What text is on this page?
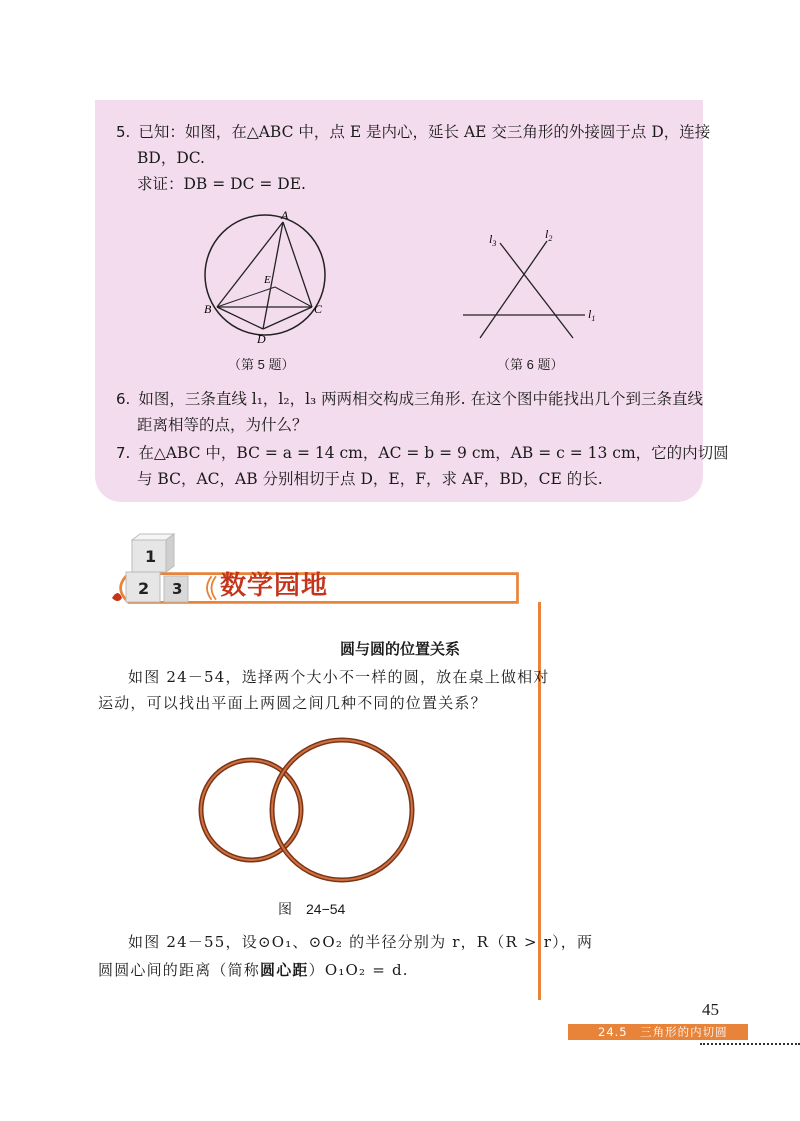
5. 已知：如图，在△ABC 中，点 E 是内心，延长 AE 交三角形的外接圆于点 D，连接
BD，DC.
求证：DB = DC = DE.
A
B	C
D
E
（第 5 题）
$l_1$
$l_2$
$l_3$
（第 6 题）
6. 如图，三条直线 l₁，l₂，l₃ 两两相交构成三角形. 在这个图中能找出几个到三条直线
距离相等的点，为什么？
7. 在△ABC 中，BC = a = 14 cm，AC = b = 9 cm，AB = c = 13 cm，它的内切圆
与 BC，AC，AB 分别相切于点 D，E，F，求 AF，BD，CE 的长.
1
2 3 数学园地
圆与圆的位置关系
如图 24－54，选择两个大小不一样的圆，放在桌上做相对
运动，可以找出平面上两圆之间几种不同的位置关系？
图　24−54
如图 24－55，设⊙O₁、⊙O₂ 的半径分别为 r，R（R > r），两
圆圆心间的距离（简称圆心距）O₁O₂ = d.
45
24.5　三角形的内切圆
